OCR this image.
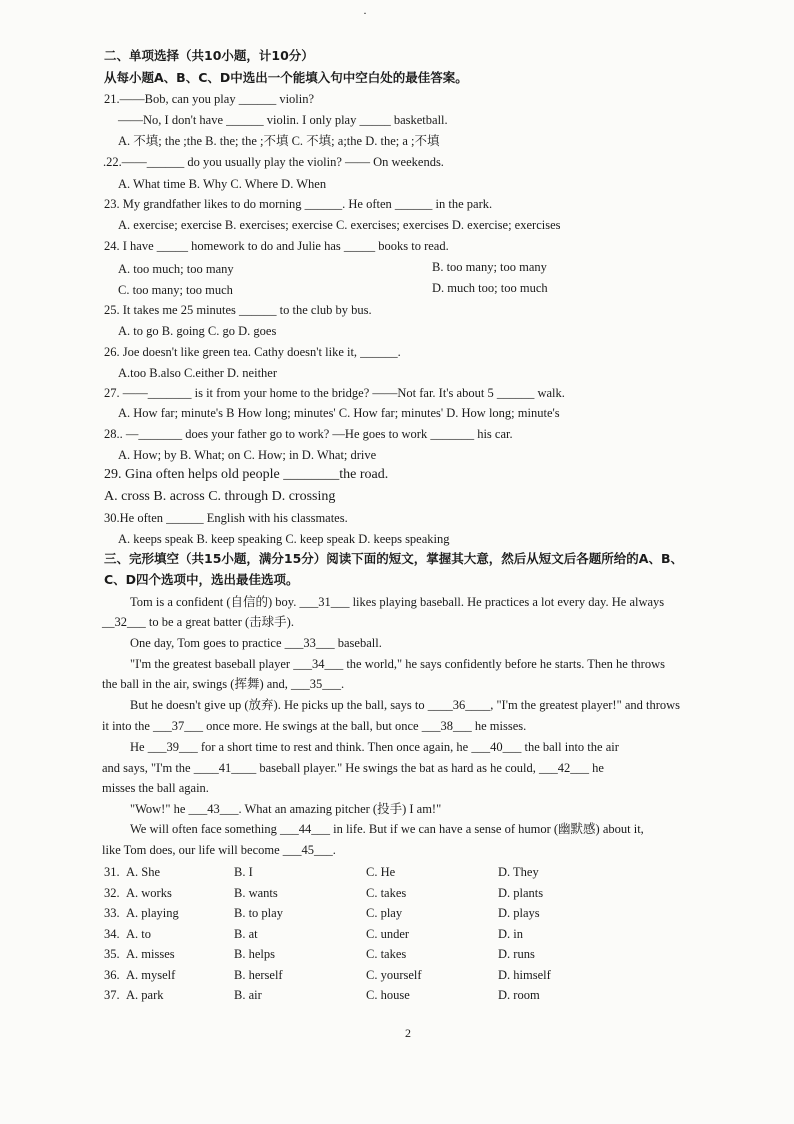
·
二、单项选择（共10小题，计10分）
从每小题A、B、C、D中选出一个能填入句中空白处的最佳答案。
21.——Bob, can you play ______ violin?
——No, I don't have ______ violin. I only play _____ basketball.
A. 不填; the ;the B. the; the ;不填 C. 不填; a;the D. the; a ;不填
.22.——______ do you usually play the violin? —— On weekends.
A. What time B. Why C. Where D. When
23. My grandfather likes to do morning ______. He often ______ in the park.
A. exercise; exercise B. exercises; exercise C. exercises; exercises D. exercise; exercises
24. I have _____ homework to do and Julie has _____ books to read.
A. too much; too many	B. too many; too many
C. too many; too much	D. much too; too much
25. It takes me 25 minutes ______ to the club by bus.
A. to go B. going C. go D. goes
26. Joe doesn't like green tea. Cathy doesn't like it, ______.
A.too B.also C.either D. neither
27. ——_______ is it from your home to the bridge? ——Not far. It's about 5 ______ walk.
A. How far; minute's B How long; minutes' C. How far; minutes' D. How long; minute's
28.. —_______ does your father go to work? —He goes to work _______ his car.
A. How; by B. What; on C. How; in D. What; drive
29. Gina often helps old people ________the road.
A. cross B. across C. through D. crossing
30.He often ______ English with his classmates.
A. keeps speak B. keep speaking C. keep speak D. keeps speaking
三、完形填空（共15小题，满分15分）阅读下面的短文，掌握其大意，然后从短文后各题所给的A、B、
C、D四个选项中，选出最佳选项。
Tom is a confident (自信的) boy. ___31___ likes playing baseball. He practices a lot every day. He always
__32___ to be a great batter (击球手).
One day, Tom goes to practice ___33___ baseball.
"I'm the greatest baseball player ___34___ the world," he says confidently before he starts. Then he throws
the ball in the air, swings (挥舞) and, ___35___.
But he doesn't give up (放弃). He picks up the ball, says to ____36____, "I'm the greatest player!" and throws
it into the ___37___ once more. He swings at the ball, but once ___38___ he misses.
He ___39___ for a short time to rest and think. Then once again, he ___40___ the ball into the air
and says, "I'm the ____41____ baseball player." He swings the bat as hard as he could, ___42___ he
misses the ball again.
"Wow!" he ___43___. What an amazing pitcher (投手) I am!"
We will often face something ___44___ in life. But if we can have a sense of humor (幽默感) about it,
like Tom does, our life will become ___45___.
31. A. She	B. I	C. He	D. They
32. A. works	B. wants	C. takes	D. plants
33. A. playing	B. to play	C. play	D. plays
34. A. to	B. at	C. under	D. in
35. A. misses	B. helps	C. takes	D. runs
36. A. myself	B. herself	C. yourself	D. himself
37. A. park	B. air	C. house	D. room
2
